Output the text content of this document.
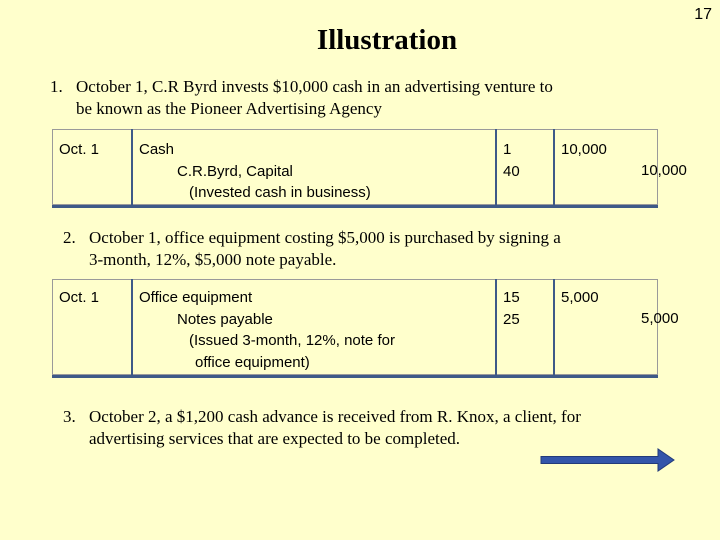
17
Illustration
1. October 1, C.R Byrd invests $10,000 cash in an advertising venture to
be known as the Pioneer Advertising Agency
Oct. 1	Cash
C.R.Byrd, Capital
(Invested cash in business)
1
40
10,000
10,000
2. October 1, office equipment costing $5,000 is purchased by signing a
3-month, 12%, $5,000 note payable.
Oct. 1	Office equipment
Notes payable
(Issued 3-month, 12%, note for
office equipment)
15
25
5,000
5,000
3. October 2, a $1,200 cash advance is received from R. Knox, a client, for
advertising services that are expected to be completed.
